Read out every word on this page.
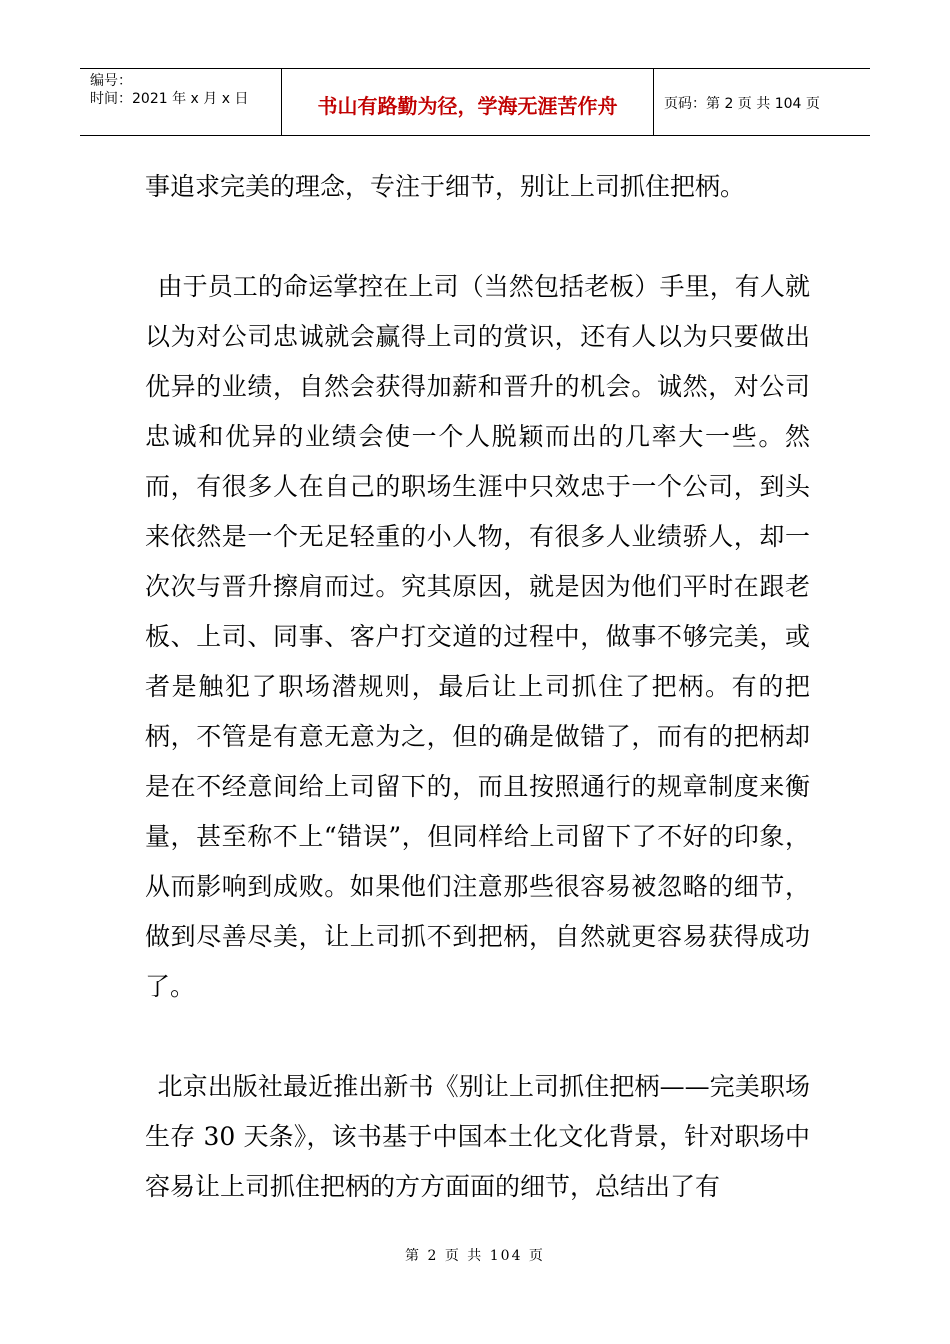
编号：
时间：2021 年 x 月 x 日	书山有路勤为径，学海无涯苦作舟	页码：第 2 页 共 104 页

事追求完美的理念，专注于细节，别让上司抓住把柄。

由于员工的命运掌控在上司（当然包括老板）手里，有人就以为对公司忠诚就会赢得上司的赏识，还有人以为只要做出优异的业绩，自然会获得加薪和晋升的机会。诚然，对公司忠诚和优异的业绩会使一个人脱颖而出的几率大一些。然而，有很多人在自己的职场生涯中只效忠于一个公司，到头来依然是一个无足轻重的小人物，有很多人业绩骄人，却一次次与晋升擦肩而过。究其原因，就是因为他们平时在跟老板、上司、同事、客户打交道的过程中，做事不够完美，或者是触犯了职场潜规则，最后让上司抓住了把柄。有的把柄，不管是有意无意为之，但的确是做错了，而有的把柄却是在不经意间给上司留下的，而且按照通行的规章制度来衡量，甚至称不上“错误”，但同样给上司留下了不好的印象，从而影响到成败。如果他们注意那些很容易被忽略的细节，做到尽善尽美，让上司抓不到把柄，自然就更容易获得成功了。

北京出版社最近推出新书《别让上司抓住把柄——完美职场生存 30 天条》，该书基于中国本土化文化背景，针对职场中容易让上司抓住把柄的方方面面的细节，总结出了有

第 2 页 共 104 页
